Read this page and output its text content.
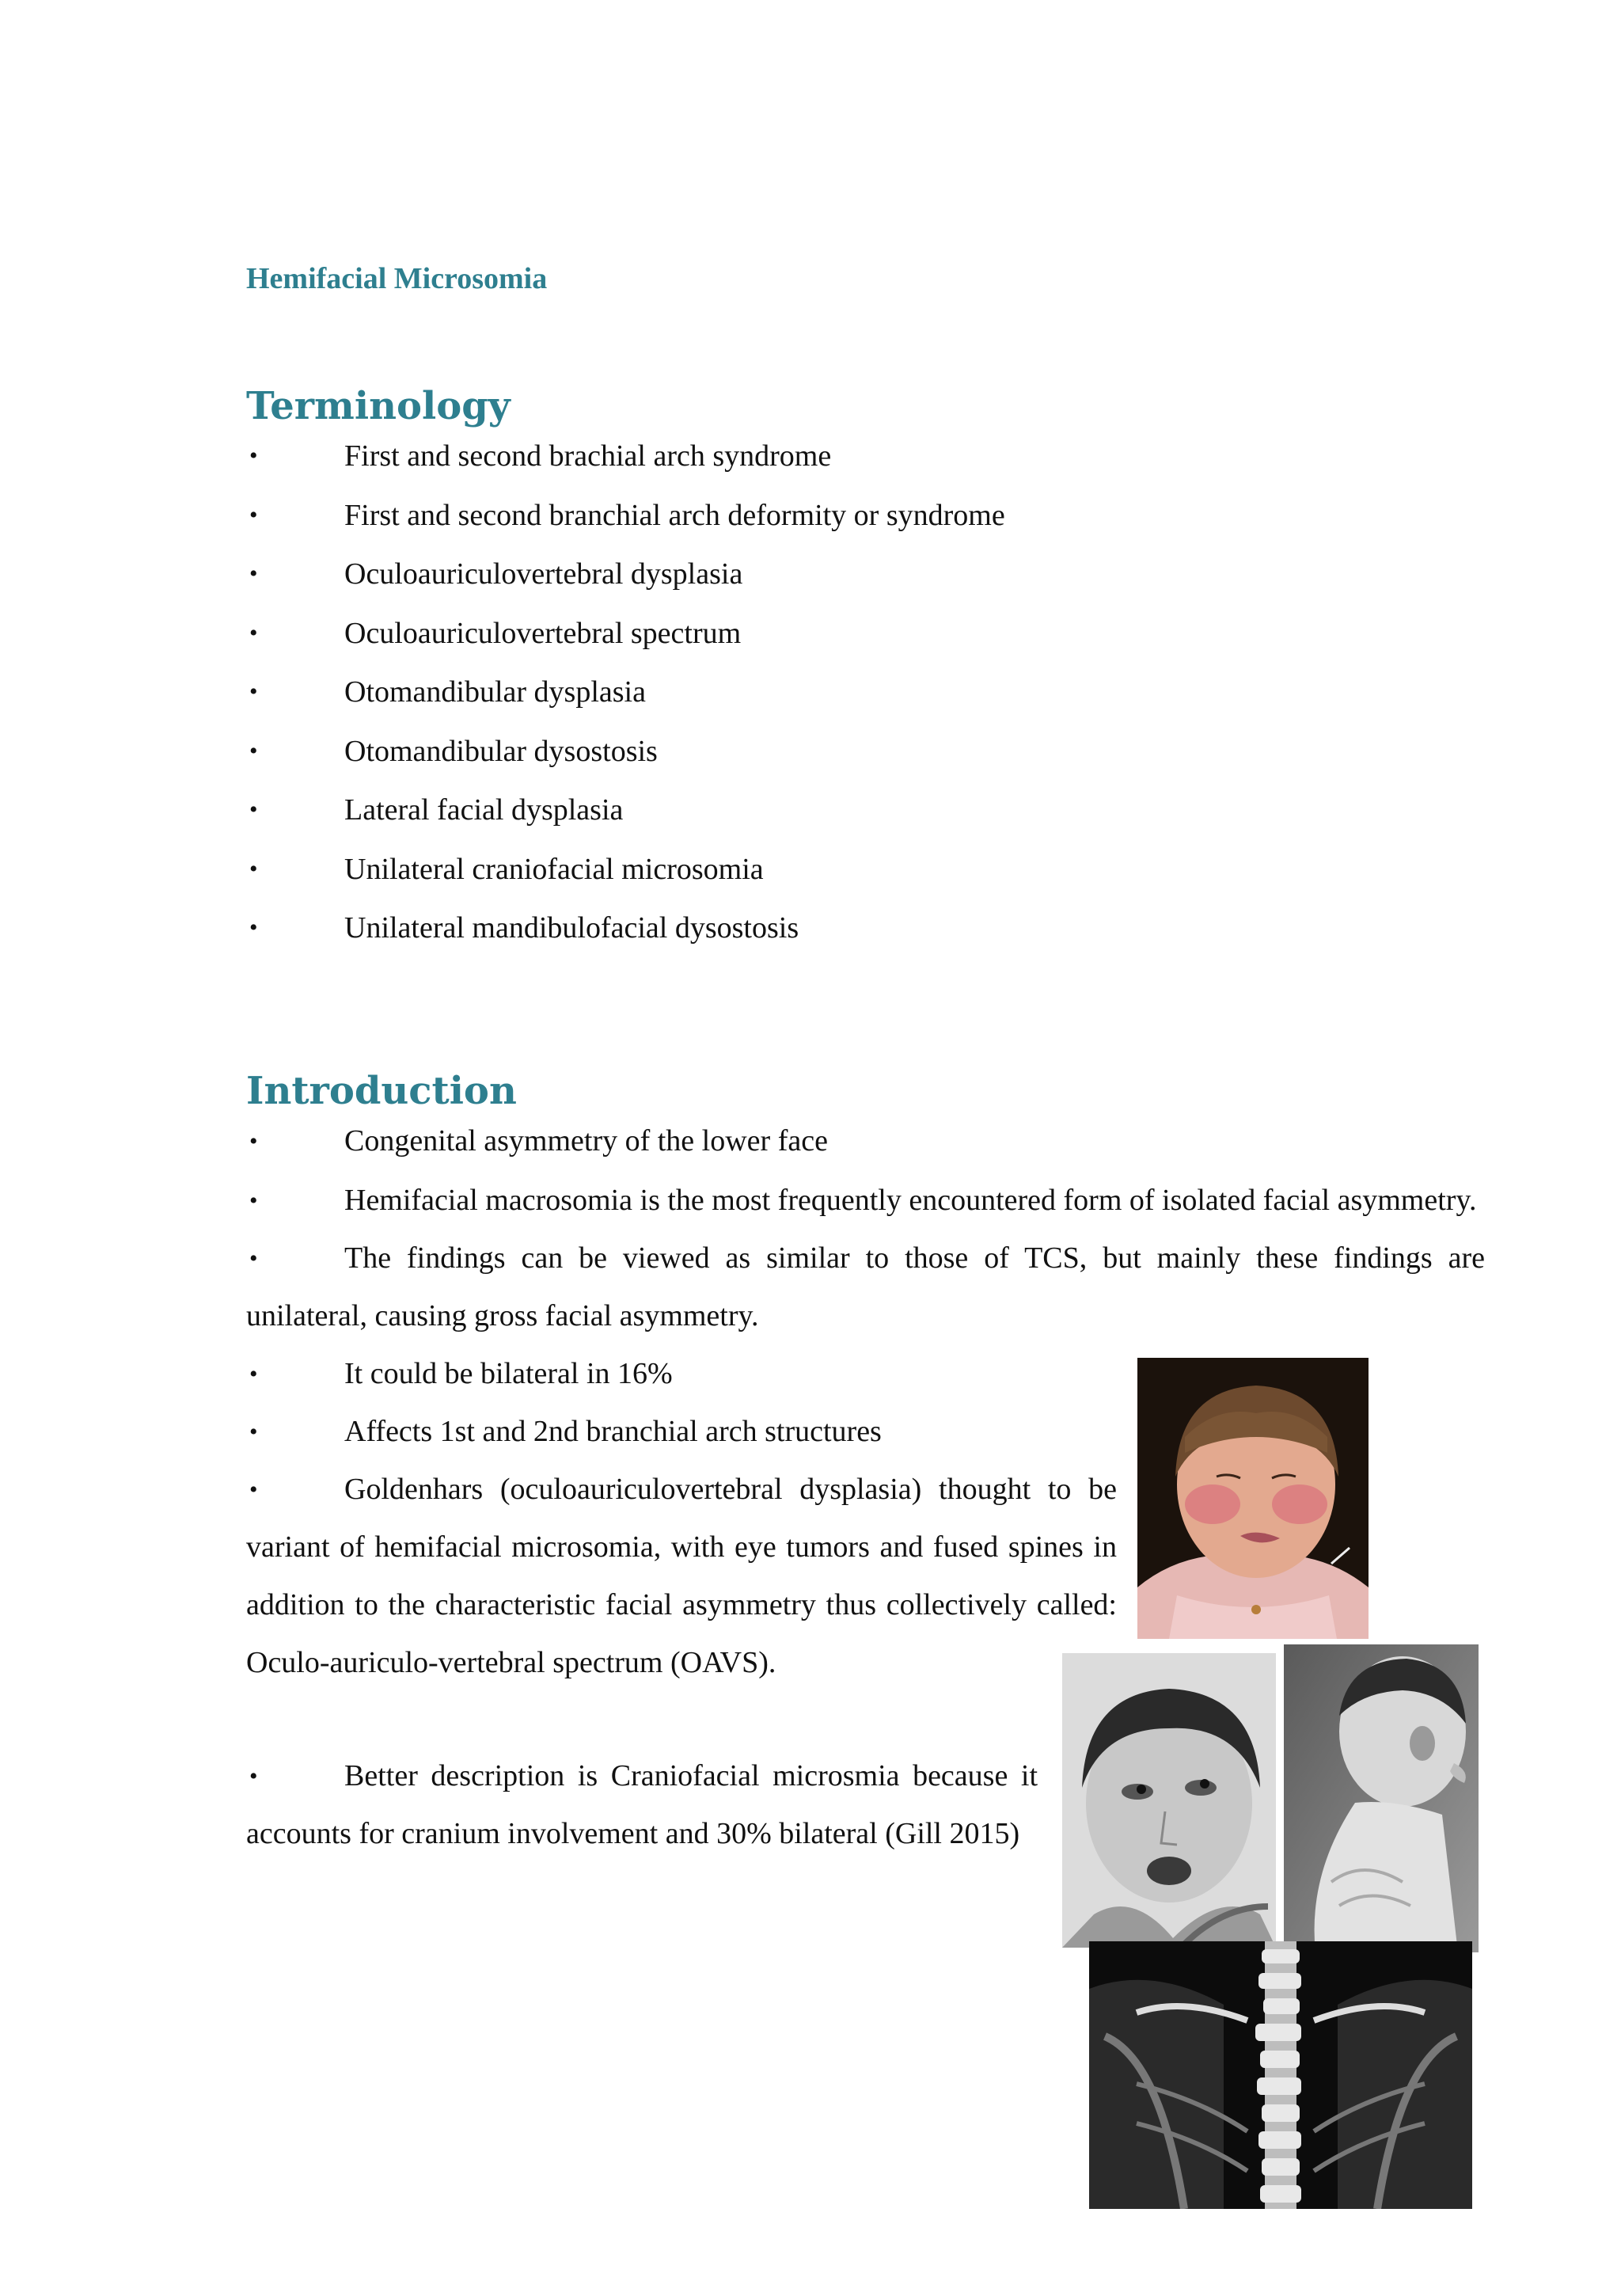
Hemifacial Microsomia
Terminology
•	First and second brachial arch syndrome
•	First and second branchial arch deformity or syndrome
•	Oculoauriculovertebral dysplasia
•	Oculoauriculovertebral spectrum
•	Otomandibular dysplasia
•	Otomandibular dysostosis
•	Lateral facial dysplasia
•	Unilateral craniofacial microsomia
•	Unilateral mandibulofacial dysostosis
Introduction

•	Congenital asymmetry of the lower face

•	Hemifacial macrosomia is the most frequently encountered form of isolated facial asymmetry.

•	The findings can be viewed as similar to those of TCS, but mainly these findings are unilateral, causing gross facial asymmetry.

•	It could be bilateral in 16%

•	Affects 1st and 2nd branchial arch structures

•	Goldenhars (oculoauriculovertebral dysplasia) thought to be variant of hemifacial microsomia, with eye tumors and fused spines in addition to the characteristic facial asymmetry thus collectively called: Oculo-auriculo-vertebral spectrum (OAVS).

•	Better description is Craniofacial microsmia because it accounts for cranium involvement and 30% bilateral (Gill 2015)
